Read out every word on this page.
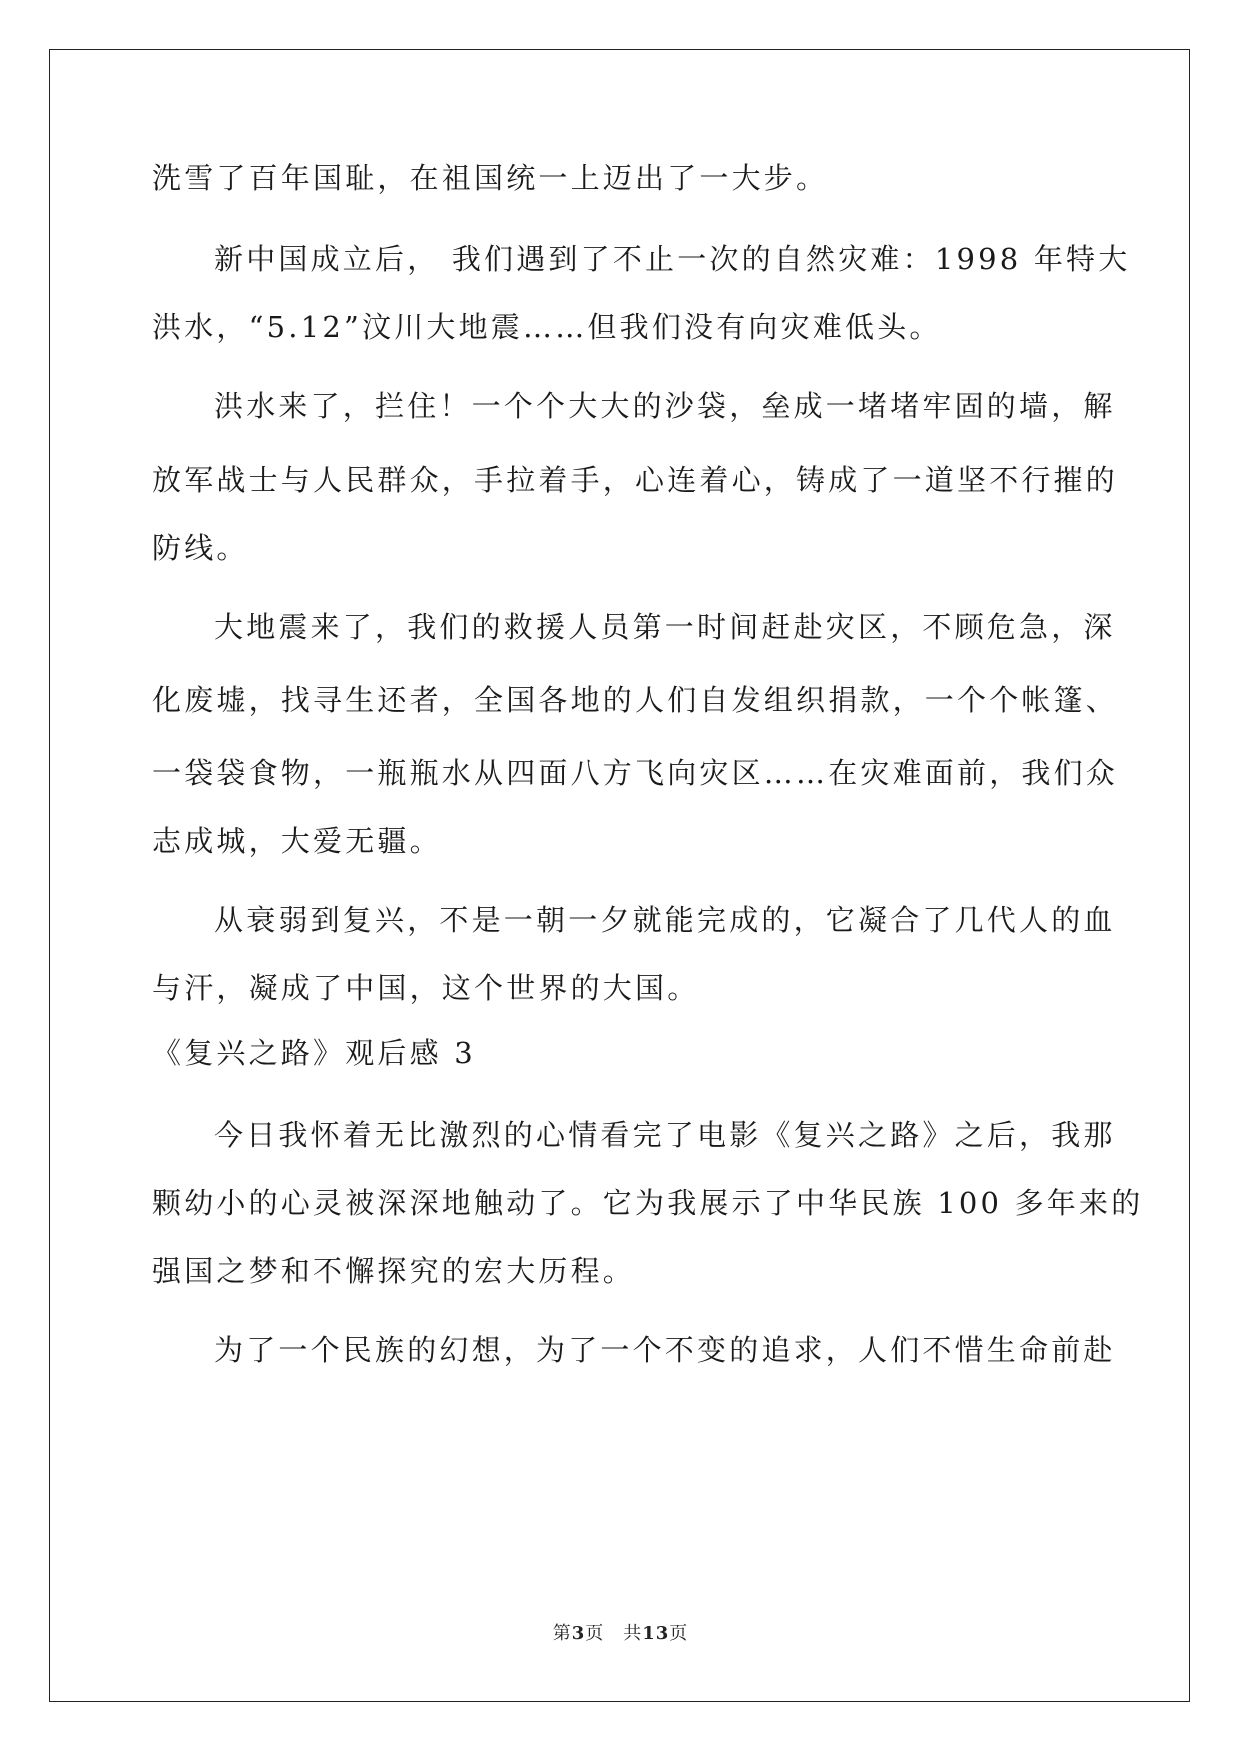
洗雪了百年国耻，在祖国统一上迈出了一大步。
新中国成立后， 我们遇到了不止一次的自然灾难：1998 年特大
洪水，“5.12”汶川大地震……但我们没有向灾难低头。
洪水来了，拦住！一个个大大的沙袋，垒成一堵堵牢固的墙，解
放军战士与人民群众，手拉着手，心连着心，铸成了一道坚不行摧的
防线。
大地震来了，我们的救援人员第一时间赶赴灾区，不顾危急，深
化废墟，找寻生还者，全国各地的人们自发组织捐款，一个个帐篷、
一袋袋食物，一瓶瓶水从四面八方飞向灾区……在灾难面前，我们众
志成城，大爱无疆。
从衰弱到复兴，不是一朝一夕就能完成的，它凝合了几代人的血
与汗，凝成了中国，这个世界的大国。
《复兴之路》观后感 3
今日我怀着无比激烈的心情看完了电影《复兴之路》之后，我那
颗幼小的心灵被深深地触动了。它为我展示了中华民族 100 多年来的
强国之梦和不懈探究的宏大历程。
为了一个民族的幻想，为了一个不变的追求，人们不惜生命前赴
第3页　共13页
